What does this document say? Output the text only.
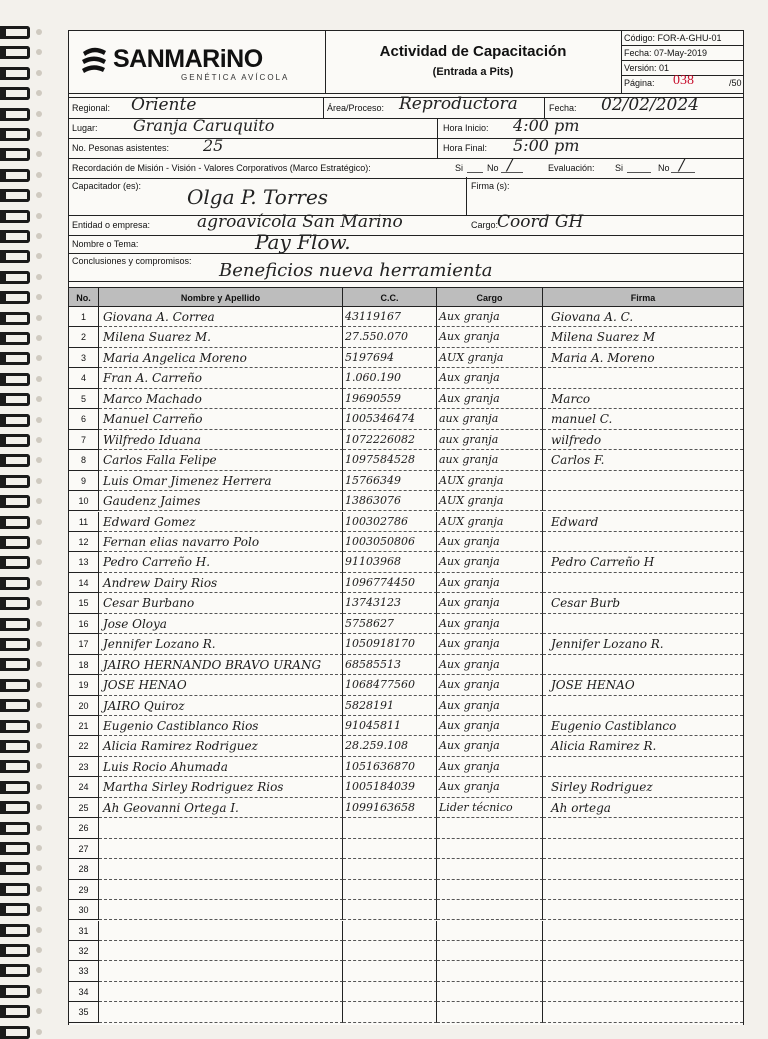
SANMARiNO
GENÉTICA AVÍCOLA
Actividad de Capacitación
(Entrada a Pits)
Código: FOR-A-GHU-01
Fecha: 07-May-2019
Versión: 01
Página: 038	/50
Regional: Oriente	Área/Proceso: Reproductora	Fecha: 02/02/2024
Lugar: Granja Caruquito	Hora Inicio: 4:00 pm
No. Pesonas asistentes: 25	Hora Final: 5:00 pm
Recordación de Misión - Visión - Valores Corporativos (Marco Estratégico):	Si	No /	Evaluación: Si	No /
Capacitador (es): Olga P. Torres	Firma (s):
Entidad o empresa:	agroavícola San Marino	Cargo:
Coord GH
Nombre o Tema:	Pay Flow.
Conclusiones y compromisos: Beneficios nueva herramienta
No.	Nombre y Apellido	C.C.	Cargo	Firma
1	Giovana A. Correa	43119167	Aux granja	Giovana A. C.
2	Milena Suarez M.	27.550.070	Aux granja	Milena Suarez M
3	Maria Angelica Moreno	5197694	AUX granja	Maria A. Moreno
4	Fran A. Carreño	1.060.190	Aux granja
5	Marco Machado	19690559	Aux granja	Marco
6	Manuel Carreño	1005346474	aux granja	manuel C.
7	Wilfredo Iduana	1072226082	aux granja	wilfredo
8	Carlos Falla Felipe	1097584528	aux granja	Carlos F.
9	Luis Omar Jimenez Herrera	15766349	AUX granja
10	Gaudenz Jaimes	13863076	AUX granja
11	Edward Gomez	100302786	AUX granja	Edward
12	Fernan elias navarro Polo	1003050806	Aux granja
13	Pedro Carreño H.	91103968	Aux granja	Pedro Carreño H
14	Andrew Dairy Rios	1096774450	Aux granja
15	Cesar Burbano	13743123	Aux granja	Cesar Burb
16	Jose Oloya	5758627	Aux granja
17	Jennifer Lozano R.	1050918170	Aux granja	Jennifer Lozano R.
18	JAIRO HERNANDO BRAVO URANG	68585513	Aux granja
19	JOSE HENAO	1068477560	Aux granja	JOSE HENAO
20	JAIRO Quiroz	5828191	Aux granja
21	Eugenio Castiblanco Rios	91045811	Aux granja	Eugenio Castiblanco
22	Alicia Ramirez Rodriguez	28.259.108	Aux granja	Alicia Ramirez R.
23	Luis Rocio Ahumada	1051636870	Aux granja
24	Martha Sirley Rodriguez Rios	1005184039	Aux granja	Sirley Rodriguez
25	Ah Geovanni Ortega I.	1099163658	Lider técnico	Ah ortega
26
27
28
29
30
31
32
33
34
35
